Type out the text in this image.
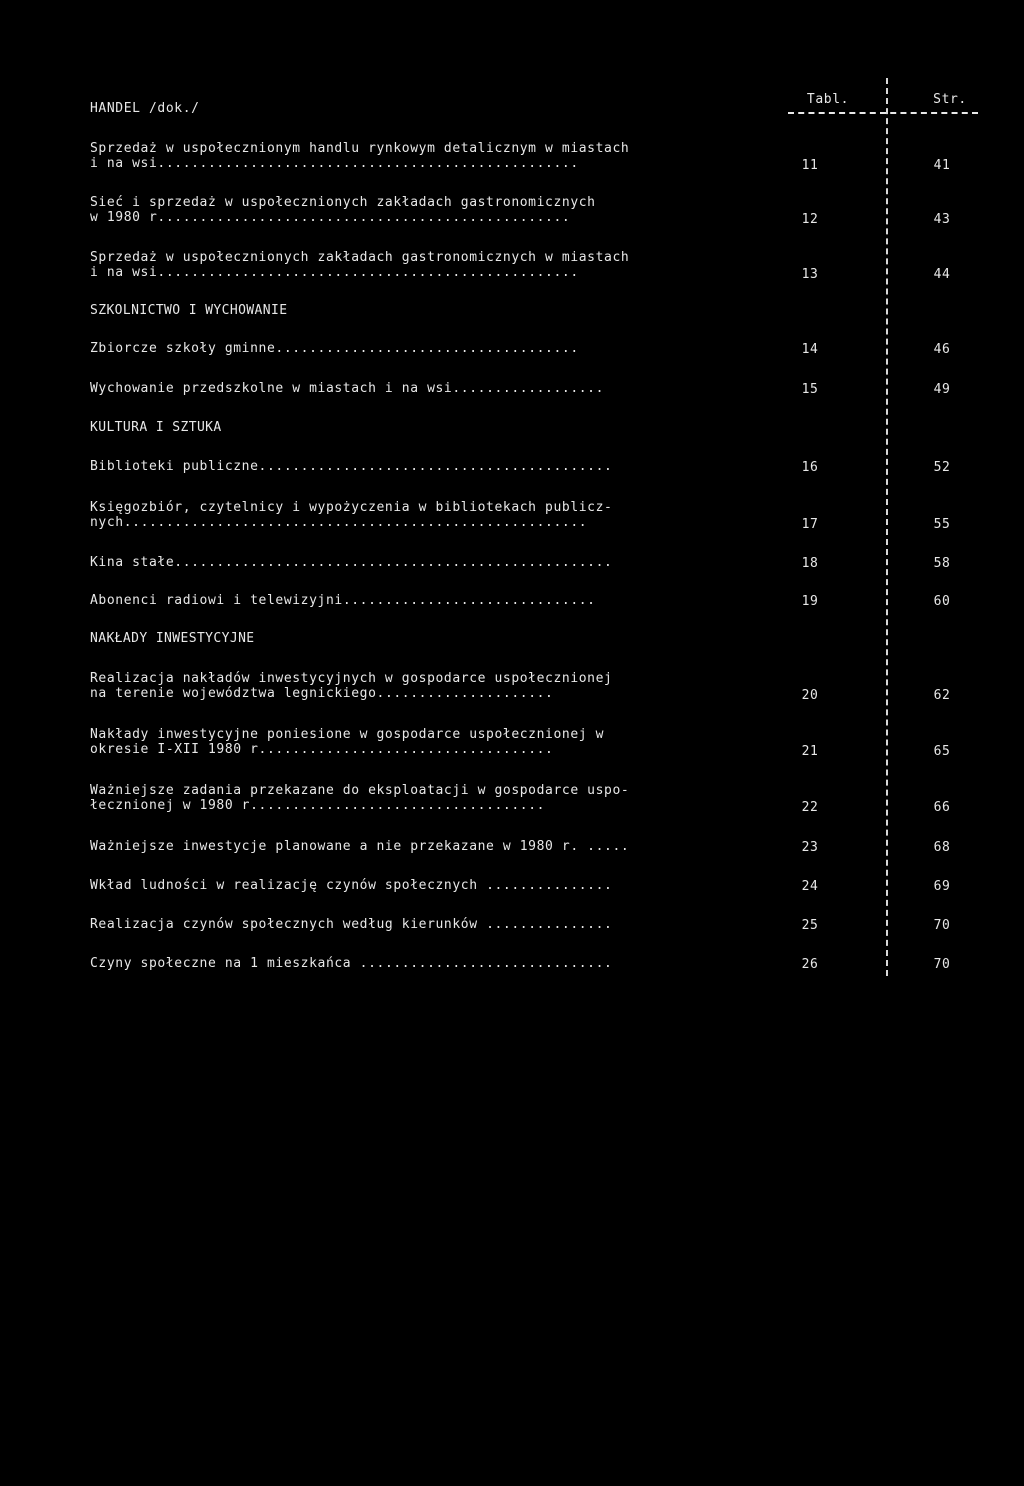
HANDEL /dok./
Tabl.	Str.
Sprzedaż w uspołecznionym handlu rynkowym detalicznym w miastach
i na wsi..................................................	11	41
Sieć i sprzedaż w uspołecznionych zakładach gastronomicznych
w 1980 r.................................................	12	43
Sprzedaż w uspołecznionych zakładach gastronomicznych w miastach
i na wsi..................................................	13	44
SZKOLNICTWO I WYCHOWANIE
Zbiorcze szkoły gminne....................................	14	46
Wychowanie przedszkolne w miastach i na wsi..................	15	49
KULTURA I SZTUKA
Biblioteki publiczne..........................................	16	52
Księgozbiór, czytelnicy i wypożyczenia w bibliotekach publicz-
nych.......................................................	17	55
Kina stałe....................................................	18	58
Abonenci radiowi i telewizyjni..............................	19	60
NAKŁADY INWESTYCYJNE
Realizacja nakładów inwestycyjnych w gospodarce uspołecznionej
na terenie województwa legnickiego.....................	20	62
Nakłady inwestycyjne poniesione w gospodarce uspołecznionej w
okresie I-XII 1980 r...................................	21	65
Ważniejsze zadania przekazane do eksploatacji w gospodarce uspo-
łecznionej w 1980 r...................................	22	66
Ważniejsze inwestycje planowane a nie przekazane w 1980 r. .....	23	68
Wkład ludności w realizację czynów społecznych ...............	24	69
Realizacja czynów społecznych według kierunków ...............	25	70
Czyny społeczne na 1 mieszkańca ..............................	26	70
